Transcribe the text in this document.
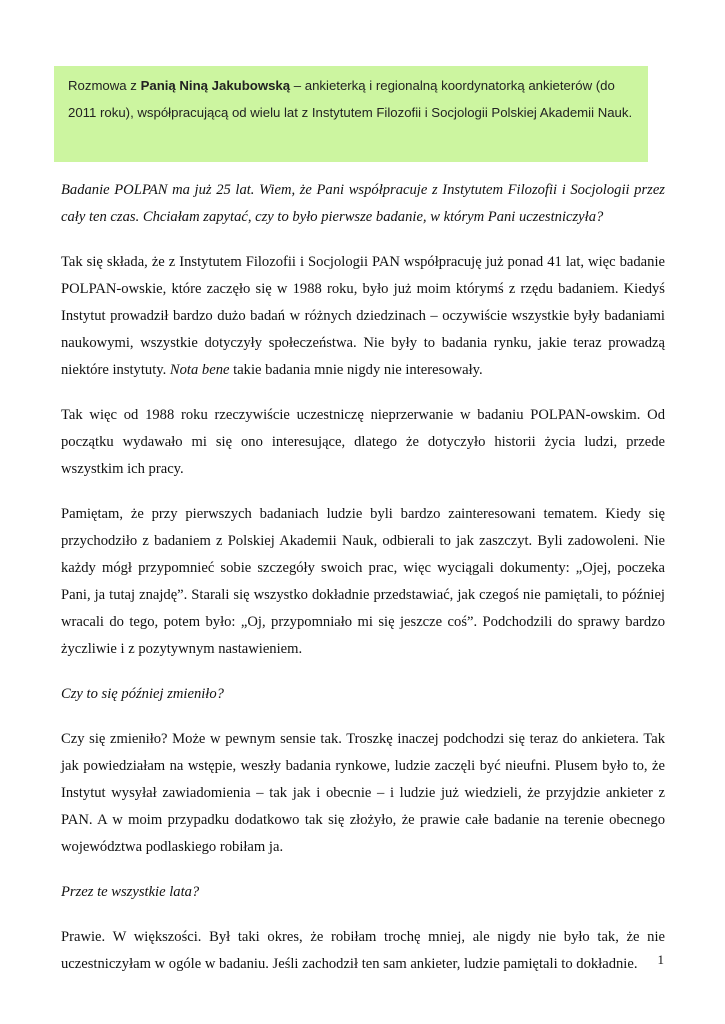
Rozmowa z Panią Niną Jakubowską – ankieterką i regionalną koordynatorką ankieterów (do 2011 roku), współpracującą od wielu lat z Instytutem Filozofii i Socjologii Polskiej Akademii Nauk.

Badanie POLPAN ma już 25 lat. Wiem, że Pani współpracuje z Instytutem Filozofii i Socjologii przez cały ten czas. Chciałam zapytać, czy to było pierwsze badanie, w którym Pani uczestniczyła?

Tak się składa, że z Instytutem Filozofii i Socjologii PAN współpracuję już ponad 41 lat, więc badanie POLPAN-owskie, które zaczęło się w 1988 roku, było już moim którymś z rzędu badaniem. Kiedyś Instytut prowadził bardzo dużo badań w różnych dziedzinach – oczywiście wszystkie były badaniami naukowymi, wszystkie dotyczyły społeczeństwa. Nie były to badania rynku, jakie teraz prowadzą niektóre instytuty. Nota bene takie badania mnie nigdy nie interesowały.

Tak więc od 1988 roku rzeczywiście uczestniczę nieprzerwanie w badaniu POLPAN-owskim. Od początku wydawało mi się ono interesujące, dlatego że dotyczyło historii życia ludzi, przede wszystkim ich pracy.

Pamiętam, że przy pierwszych badaniach ludzie byli bardzo zainteresowani tematem. Kiedy się przychodziło z badaniem z Polskiej Akademii Nauk, odbierali to jak zaszczyt. Byli zadowoleni. Nie każdy mógł przypomnieć sobie szczegóły swoich prac, więc wyciągali dokumenty: „Ojej, poczeka Pani, ja tutaj znajdę”. Starali się wszystko dokładnie przedstawiać, jak czegoś nie pamiętali, to później wracali do tego, potem było: „Oj, przypomniało mi się jeszcze coś”. Podchodzili do sprawy bardzo życzliwie i z pozytywnym nastawieniem.

Czy to się później zmieniło?

Czy się zmieniło? Może w pewnym sensie tak. Troszkę inaczej podchodzi się teraz do ankietera. Tak jak powiedziałam na wstępie, weszły badania rynkowe, ludzie zaczęli być nieufni. Plusem było to, że Instytut wysyłał zawiadomienia – tak jak i obecnie – i ludzie już wiedzieli, że przyjdzie ankieter z PAN. A w moim przypadku dodatkowo tak się złożyło, że prawie całe badanie na terenie obecnego województwa podlaskiego robiłam ja.

Przez te wszystkie lata?

Prawie. W większości. Był taki okres, że robiłam trochę mniej, ale nigdy nie było tak, że nie uczestniczyłam w ogóle w badaniu. Jeśli zachodził ten sam ankieter, ludzie pamiętali to dokładnie.	1
